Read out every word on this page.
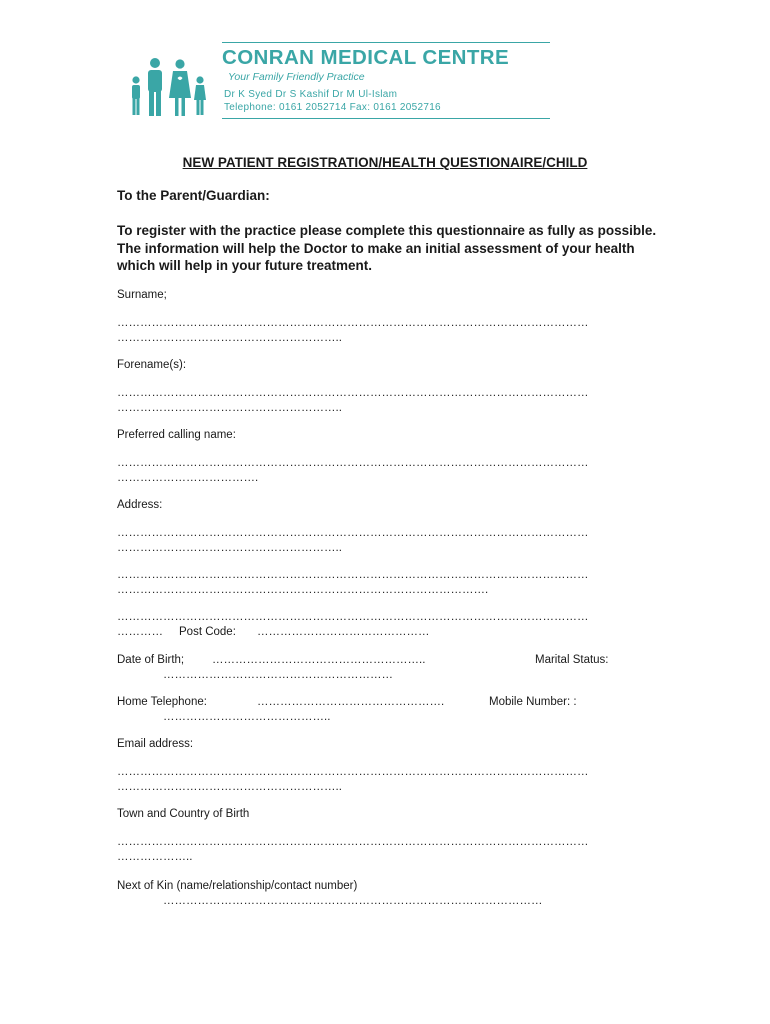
CONRAN MEDICAL CENTRE
Your Family Friendly Practice
Dr K Syed Dr S Kashif Dr M Ul-Islam
Telephone: 0161 2052714 Fax: 0161 2052716
NEW PATIENT REGISTRATION/HEALTH QUESTIONAIRE/CHILD
To the Parent/Guardian:
To register with the practice please complete this questionnaire as fully as possible. The information will help the Doctor to make an initial assessment of your health which will help in your future treatment.
Surname;
……………………………………………………………………………………………………………
…………………………………………………..
Forename(s):
……………………………………………………………………………………………………………
…………………………………………………..
Preferred calling name:
……………………………………………………………………………………………………………
……………………………….
Address:
……………………………………………………………………………………………………………
…………………………………………………..
……………………………………………………………………………………………………………
…………………………………………………………………………………….
……………………………………………………………………………………………………………
………… Post Code: ………………………………………
Date of Birth; ………………………………………………..	Marital Status:
……………………………………………………
Home Telephone:	………………………………………….	Mobile Number: :
……………………………………..
Email address:
……………………………………………………………………………………………………………
…………………………………………………..
Town and Country of Birth
……………………………………………………………………………………………………………
………………..
Next of Kin (name/relationship/contact number)
………………………………………………………………………………………
